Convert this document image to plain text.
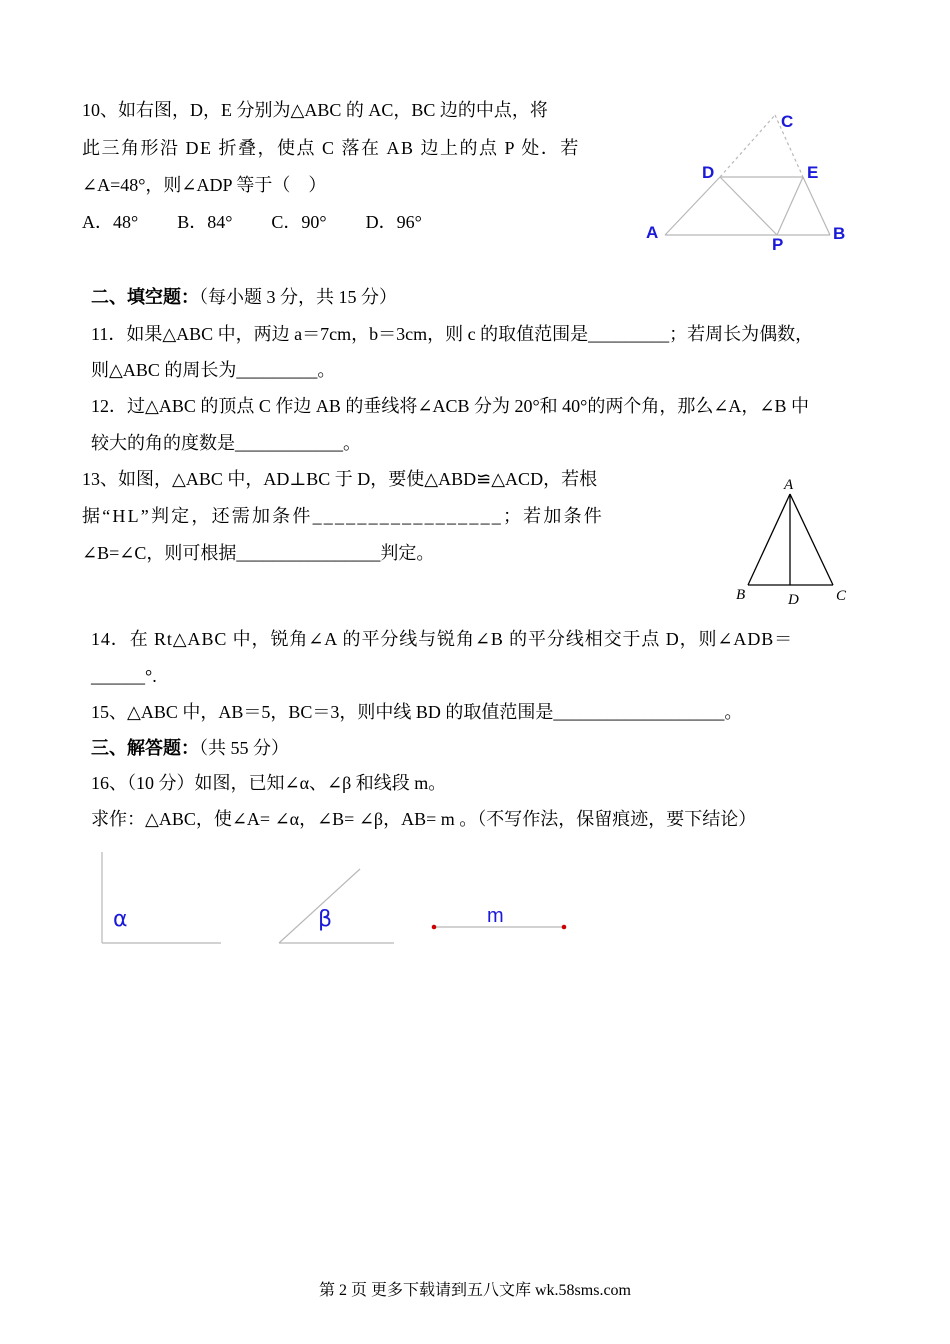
10、如右图，D，E 分别为△ABC 的 AC，BC 边的中点，将
此三角形沿 DE 折叠，使点 C 落在 AB 边上的点 P 处．若
∠A=48°，则∠ADP 等于（　）
A．48° B．84° C．90° D．96°
C
D	E
A
P
B
二、填空题：（每小题 3 分，共 15 分）
11．如果△ABC 中，两边 a＝7cm，b＝3cm，则 c 的取值范围是_________；若周长为偶数，
则△ABC 的周长为_________。
12．过△ABC 的顶点 C 作边 AB 的垂线将∠ACB 分为 20°和 40°的两个角，那么∠A，∠B 中
较大的角的度数是____________。
13、如图，△ABC 中，AD⊥BC 于 D，要使△ABD≌△ACD，若根
据“HL”判定，还需加条件_________________；若加条件
∠B=∠C，则可根据________________判定。
A
B	D C
14．在 Rt△ABC 中，锐角∠A 的平分线与锐角∠B 的平分线相交于点 D，则∠ADB＝
______°.
15、△ABC 中，AB＝5，BC＝3，则中线 BD 的取值范围是___________________。
三、解答题：（共 55 分）
16、（10 分）如图，已知∠α、∠β 和线段 m。
求作：△ABC，使∠A= ∠α，∠B= ∠β，AB= m 。（不写作法，保留痕迹，要下结论）
α	β	m
第 2 页 更多下载请到五八文库 wk.58sms.com
